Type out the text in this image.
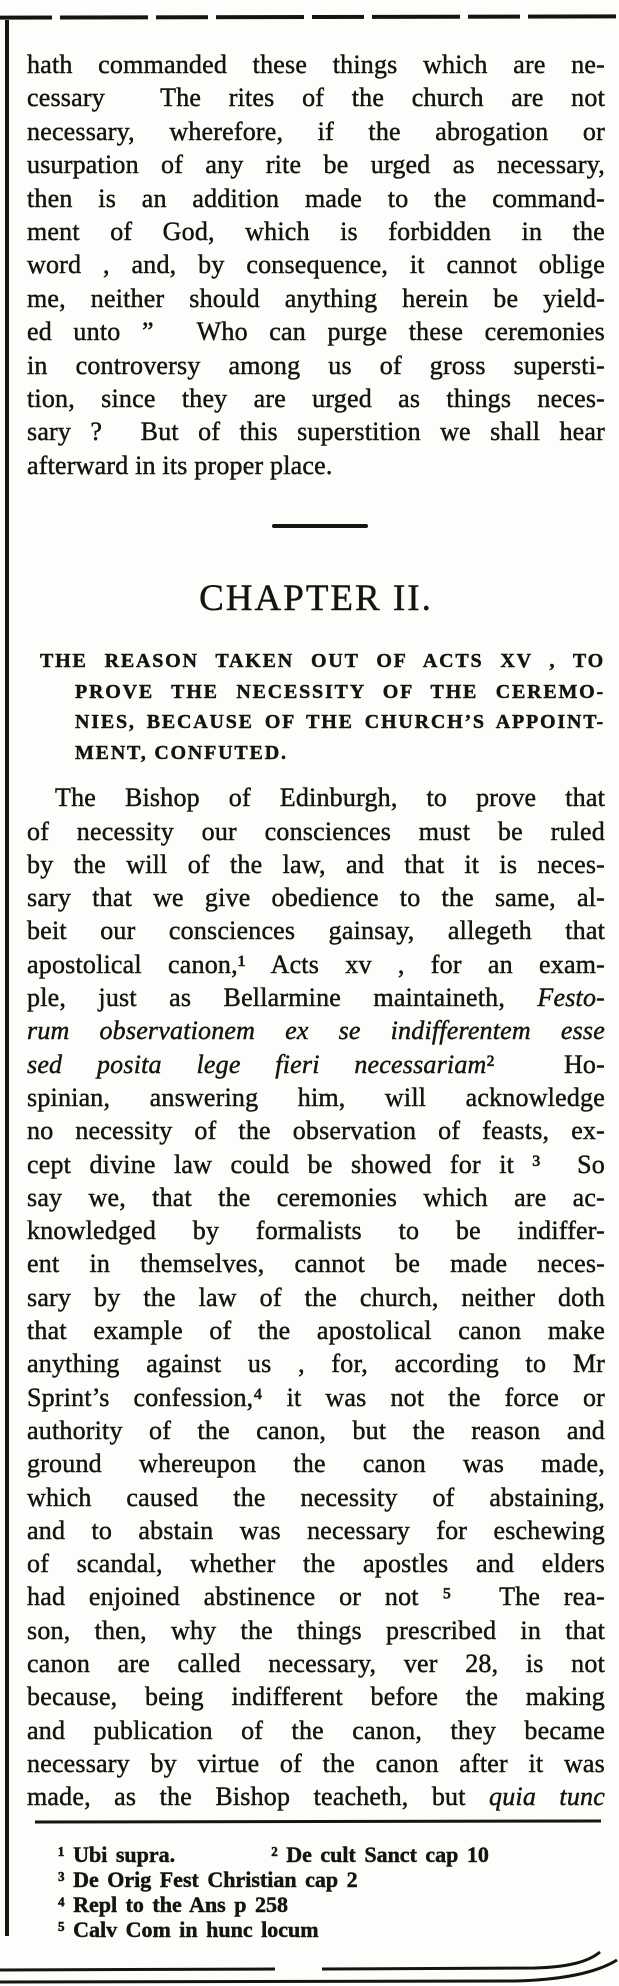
hath commanded these things which are ne-
cessary  The rites of the church are not
necessary, wherefore, if the abrogation or
usurpation of any rite be urged as necessary,
then is an addition made to the command-
ment of God, which is forbidden in the
word , and, by consequence, it cannot oblige
me, neither should anything herein be yield-
ed unto ”  Who can purge these ceremonies
in controversy among us of gross supersti-
tion, since they are urged as things neces-
sary ?  But of this superstition we shall hear
afterward in its proper place.
CHAPTER II.
THE REASON TAKEN OUT OF ACTS XV , TO
PROVE THE NECESSITY OF THE CEREMO-
NIES, BECAUSE OF THE CHURCH’S APPOINT-
MENT, CONFUTED.
The Bishop of Edinburgh, to prove that
of necessity our consciences must be ruled
by the will of the law, and that it is neces-
sary that we give obedience to the same, al-
beit our consciences gainsay, allegeth that
apostolical canon,¹ Acts xv , for an exam-
ple, just as Bellarmine maintaineth, Festo-
rum observationem ex se indifferentem esse
sed posita lege fieri necessariam²  Ho-
spinian, answering him, will acknowledge
no necessity of the observation of feasts, ex-
cept divine law could be showed for it ³  So
say we, that the ceremonies which are ac-
knowledged by formalists to be indiffer-
ent in themselves, cannot be made neces-
sary by the law of the church, neither doth
that example of the apostolical canon make
anything against us , for, according to Mr
Sprint’s confession,⁴ it was not the force or
authority of the canon, but the reason and
ground whereupon the canon was made,
which caused the necessity of abstaining,
and to abstain was necessary for eschewing
of scandal, whether the apostles and elders
had enjoined abstinence or not ⁵  The rea-
son, then, why the things prescribed in that
canon are called necessary, ver 28, is not
because, being indifferent before the making
and publication of the canon, they became
necessary by virtue of the canon after it was
made, as the Bishop teacheth, but quia tunc
¹ Ubi supra.	² De cult Sanct cap 10
³ De Orig Fest Christian cap 2
⁴ Repl to the Ans p 258
⁵ Calv Com in hunc locum
